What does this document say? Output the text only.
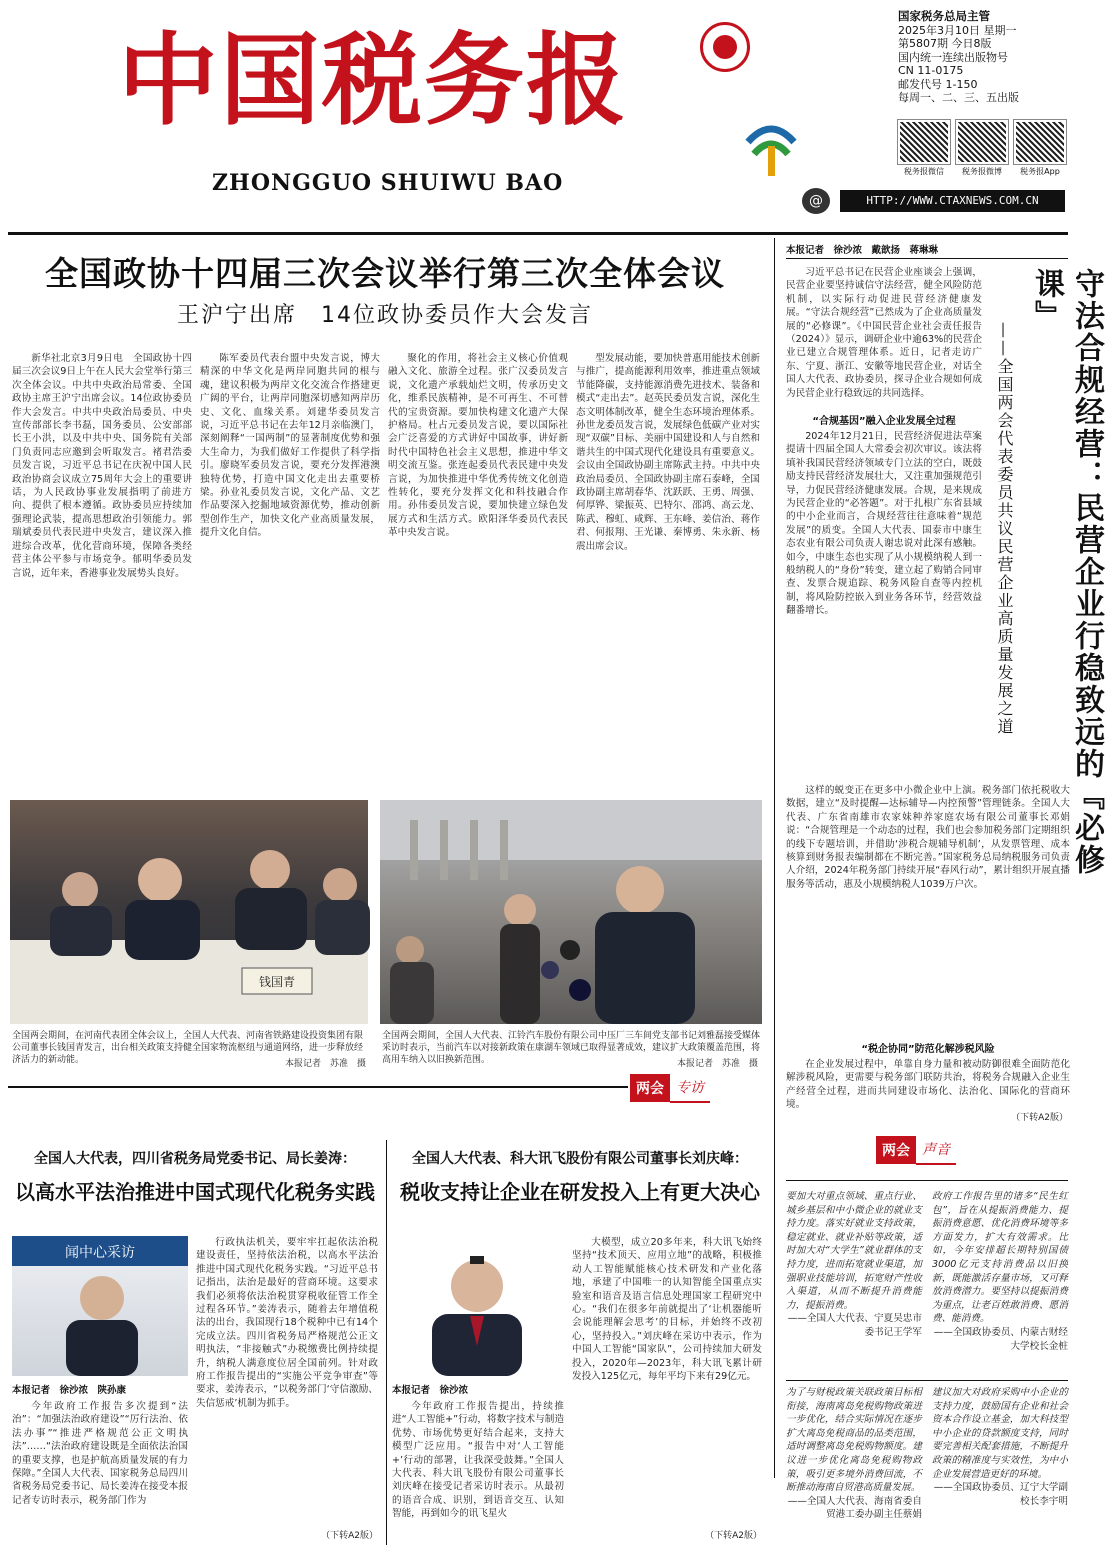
中国税务报
ZHONGGUO SHUIWU BAO
国家税务总局主管
2025年3月10日 星期一
第5807期 今日8版
国内统一连续出版物号
CN 11-0175
邮发代号 1-150
每周一、二、三、五出版
税务报微信	税务报微博	税务报App
@	HTTP://WWW.CTAXNEWS.COM.CN
全国政协十四届三次会议举行第三次全体会议
王沪宁出席　14位政协委员作大会发言

新华社北京3月9日电　全国政协十四届三次会议9日上午在人民大会堂举行第三次全体会议。中共中央政治局常委、全国政协主席王沪宁出席会议。14位政协委员作大会发言。中共中央政治局委员、中央宣传部部长李书磊，国务委员、公安部部长王小洪，以及中共中央、国务院有关部门负责同志应邀到会听取发言。褚君浩委员发言说，习近平总书记在庆祝中国人民政治协商会议成立75周年大会上的重要讲话，为人民政协事业发展指明了前进方向、提供了根本遵循。政协委员应持续加强理论武装，提高思想政治引领能力。郭瑞斌委员代表民进中央发言，建议深入推进综合改革，优化营商环境，保障各类经营主体公平参与市场竞争。郁明华委员发言说，近年来，香港事业发展势头良好。

陈军委员代表台盟中央发言说，博大精深的中华文化是两岸同胞共同的根与魂，建议积极为两岸文化交流合作搭建更广阔的平台，让两岸同胞深切感知两岸历史、文化、血缘关系。刘建华委员发言说，习近平总书记在去年12月亲临澳门，深刻阐释“一国两制”的显著制度优势和强大生命力，为我们做好工作提供了科学指引。廖晓军委员发言说，要充分发挥港澳独特优势，打造中国文化走出去重要桥梁。孙业礼委员发言说，文化产品、文艺作品要深入挖掘地域资源优势，推动创新型创作生产，加快文化产业高质量发展，提升文化自信。

聚化的作用，将社会主义核心价值观融入文化、旅游全过程。张广汉委员发言说，文化遗产承载灿烂文明，传承历史文化，维系民族精神，是不可再生、不可替代的宝贵资源。要加快构建文化遗产大保护格局。杜占元委员发言说，要以国际社会广泛喜爱的方式讲好中国故事，讲好新时代中国特色社会主义思想，推进中华文明交流互鉴。张连起委员代表民建中央发言说，为加快推进中华优秀传统文化创造性转化，要充分发挥文化和科技融合作用。孙伟委员发言说，要加快建立绿色发展方式和生活方式。欧阳泽华委员代表民革中央发言说。

型发展动能，要加快普惠用能技术创新与推广，提高能源利用效率，推进重点领域节能降碳，支持能源消费先进技术、装备和模式“走出去”。赵英民委员发言说，深化生态文明体制改革，健全生态环境治理体系。孙世龙委员发言说，发展绿色低碳产业对实现“双碳”目标、美丽中国建设和人与自然和谐共生的中国式现代化建设具有重要意义。会议由全国政协副主席陈武主持。中共中央政治局委员、全国政协副主席石泰峰，全国政协副主席胡春华、沈跃跃、王勇、周强、何厚铧、梁振英、巴特尔、邵鸿、高云龙、陈武、穆虹、咸辉、王东峰、姜信治、蒋作君、何报翔、王光谦、秦博勇、朱永新、杨震出席会议。

钱国青
全国两会期间，在河南代表团全体会议上，全国人大代表、河南省铁路建设投资集团有限公司董事长钱国青发言，出台相关政策支持健全国家物流枢纽与通道网络，进一步释放经济活力的新动能。	本报记者　苏准　摄
全国两会期间，全国人大代表、江铃汽车股份有限公司中压厂三车间党支部书记刘雅磊接受媒体采访时表示，当前汽车以对接新政策在康湖车领域已取得显著成效，建议扩大政策覆盖范围，将高用车纳入以旧换新范围。	本报记者　苏准　摄
两会 专访
全国人大代表，四川省税务局党委书记、局长姜涛：
以高水平法治推进中国式现代化税务实践
闻中心采访
本报记者　徐沙浓　陕孙康

今年政府工作报告多次提到“法治”：“加强法治政府建设”“厉行法治、依法办事”“推进严格规范公正文明执法”……“法治政府建设既是全面依法治国的重要支撑，也是护航高质量发展的有力保障。”全国人大代表、国家税务总局四川省税务局党委书记、局长姜涛在接受本报记者专访时表示，税务部门作为

行政执法机关，要牢牢扛起依法治税建设责任，坚持依法治税，以高水平法治推进中国式现代化税务实践。“习近平总书记指出，法治是最好的营商环境。这要求我们必须将依法治税贯穿税收征管工作全过程各环节。”姜涛表示，随着去年增值税法的出台，我国现行18个税种中已有14个完成立法。四川省税务局严格规范公正文明执法，“非接触式”办税缴费比例持续提升，纳税人满意度位居全国前列。针对政府工作报告提出的“实施公平竞争审查”等要求，姜涛表示，“以税务部门‘守信激励、失信惩戒’机制为抓手。

（下转A2版）
全国人大代表、科大讯飞股份有限公司董事长刘庆峰：
税收支持让企业在研发投入上有更大决心
本报记者　徐沙浓

今年政府工作报告提出，持续推进“人工智能+”行动，将数字技术与制造优势、市场优势更好结合起来，支持大模型广泛应用。“报告中对‘人工智能+’行动的部署，让我深受鼓舞。”全国人大代表、科大讯飞股份有限公司董事长刘庆峰在接受记者采访时表示。从最初的语音合成、识别，到语音交互、认知智能，再到如今的讯飞星火

大模型，成立20多年来，科大讯飞始终坚持“技术顶天、应用立地”的战略，积极推动人工智能赋能核心技术研发和产业化落地，承建了中国唯一的认知智能全国重点实验室和语音及语言信息处理国家工程研究中心。“我们在很多年前就提出了‘让机器能听会说能理解会思考’的目标，并始终不改初心，坚持投入。”刘庆峰在采访中表示，作为中国人工智能“国家队”，公司持续加大研发投入，2020年—2023年，科大讯飞累计研发投入125亿元，每年平均下来有29亿元。

（下转A2版）
本报记者　徐沙浓　戴歆扬　蒋琳琳
守法合规经营：民营企业行稳致远的『必修课』
——全国两会代表委员共议民营企业高质量发展之道

习近平总书记在民营企业座谈会上强调，民营企业要坚持诚信守法经营，健全风险防范机制，以实际行动促进民营经济健康发展。“守法合规经营”已然成为了企业高质量发展的“必修课”。《中国民营企业社会责任报告（2024）》显示，调研企业中逾63%的民营企业已建立合规管理体系。近日，记者走访广东、宁夏、浙江、安徽等地民营企业，对话全国人大代表、政协委员，探寻企业合规如何成为民营企业行稳致远的共同选择。

“合规基因”融入企业发展全过程

2024年12月21日，民营经济促进法草案提请十四届全国人大常委会初次审议。该法将填补我国民营经济领域专门立法的空白，既鼓励支持民营经济发展壮大，又注重加强规范引导，力促民营经济健康发展。合规，是来规成为民营企业的“必答题”。对于扎根广东省县域的中小企业而言，合规经营往往意味着“规范发展”的质变。全国人大代表、国泰市中康生态农业有限公司负责人谢忠说对此深有感触。如今，中康生态也实现了从小规模纳税人到一般纳税人的“身份”转变，建立起了购销合同审查、发票合规追踪、税务风险自查等内控机制，将风险防控嵌入到业务各环节，经营效益翻番增长。

这样的蜕变正在更多中小微企业中上演。税务部门依托税收大数据，建立“及时提醒—达标辅导—内控预警”管理链条。全国人大代表、广东省南雄市农家妹种养家庭农场有限公司董事长邓娟说：“合规管理是一个动态的过程，我们也会参加税务部门定期组织的线下专题培训，并借助‘涉税合规辅导机制’，从发票管理、成本核算到财务报表编制都在不断完善。”国家税务总局纳税服务司负责人介绍，2024年税务部门持续开展“春风行动”，累计组织开展直播服务等活动，惠及小规模纳税人1039万户次。

“税企协同”防范化解涉税风险

在企业发展过程中，单靠自身力量和被动防御很难全面防范化解涉税风险，更需要与税务部门联防共治，将税务合规融入企业生产经营全过程，进而共同建设市场化、法治化、国际化的营商环境。

（下转A2版）
两会 声音
要加大对重点领域、重点行业、城乡基层和中小微企业的就业支持力度。落实好就业支持政策，稳定就业、就业补贴等政策，适时加大对“大学生”就业群体的支持力度，进而拓宽就业渠道，加强职业技能培训，拓宽财产性收入渠道，从而不断提升消费能力，提振消费。
——全国人大代表、宁夏吴忠市委书记王学军
政府工作报告里的诸多“民生红包”，旨在从提振消费能力、提振消费意愿、优化消费环境等多方面发力，扩大有效需求。比如，今年安排超长期特别国债3000亿元支持消费品以旧换新，既能激活存量市场，又可释放消费潜力。要坚持以提振消费为重点，让老百姓敢消费、愿消费、能消费。
——全国政协委员、内蒙古财经大学校长金桩
为了与财税政策关联政策目标相衔接，海南离岛免税购物政策进一步优化，结合实际情况在逐步扩大离岛免税商品的品类范围，适时调整离岛免税购物额度。建议进一步优化离岛免税购物政策，吸引更多境外消费回流，不断推动海南自贸港高质量发展。
——全国人大代表、海南省委自贸港工委办副主任蔡娟
建议加大对政府采购中小企业的支持力度，鼓励国有企业和社会资本合作设立基金，加大科技型中小企业的贷款额度支持，同时要完善相关配套措施，不断提升政策的精准度与实效性，为中小企业发展营造更好的环境。
——全国政协委员、辽宁大学副校长李宇明
